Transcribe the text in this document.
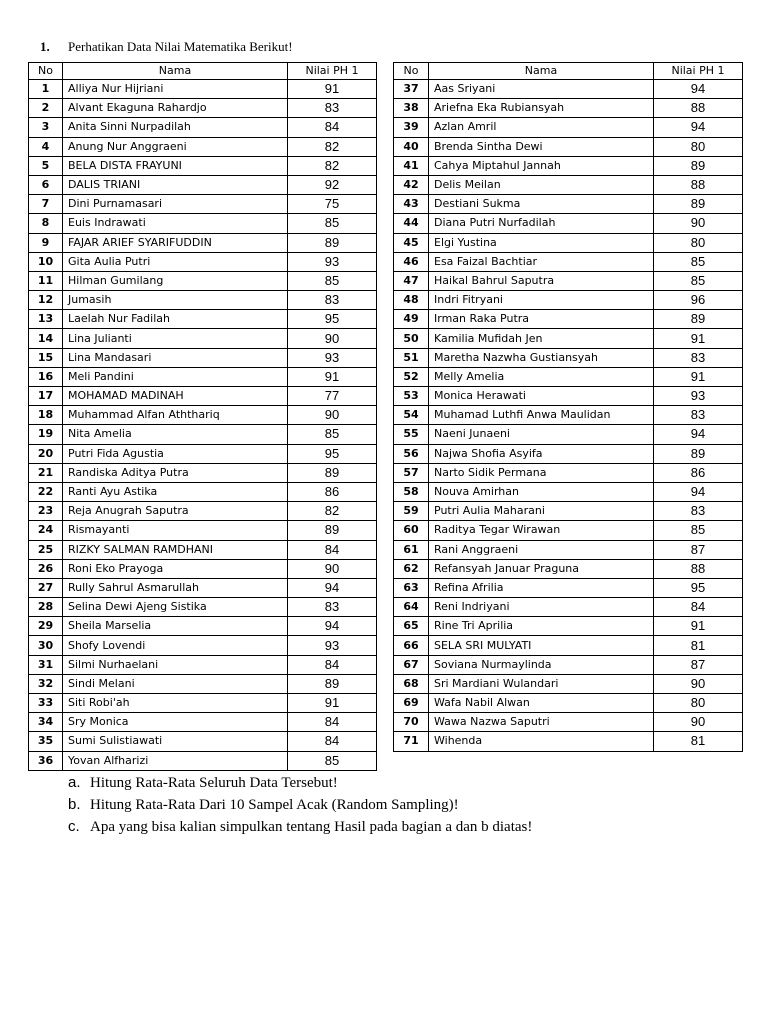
1. Perhatikan Data Nilai Matematika Berikut!
No	Nama	Nilai PH 1
1	Alliya Nur Hijriani	91
2	Alvant Ekaguna Rahardjo	83
3	Anita Sinni Nurpadilah	84
4	Anung Nur Anggraeni	82
5	BELA DISTA FRAYUNI	82
6	DALIS TRIANI	92
7	Dini Purnamasari	75
8	Euis Indrawati	85
9	FAJAR ARIEF SYARIFUDDIN	89
10	Gita Aulia Putri	93
11	Hilman Gumilang	85
12	Jumasih	83
13	Laelah Nur Fadilah	95
14	Lina Julianti	90
15	Lina Mandasari	93
16	Meli Pandini	91
17	MOHAMAD MADINAH	77
18	Muhammad Alfan Aththariq	90
19	Nita Amelia	85
20	Putri Fida Agustia	95
21	Randiska Aditya Putra	89
22	Ranti Ayu Astika	86
23	Reja Anugrah Saputra	82
24	Rismayanti	89
25	RIZKY SALMAN RAMDHANI	84
26	Roni Eko Prayoga	90
27	Rully Sahrul Asmarullah	94
28	Selina Dewi Ajeng Sistika	83
29	Sheila Marselia	94
30	Shofy Lovendi	93
31	Silmi Nurhaelani	84
32	Sindi Melani	89
33	Siti Robi'ah	91
34	Sry Monica	84
35	Sumi Sulistiawati	84
36	Yovan Alfharizi	85
No	Nama	Nilai PH 1
37	Aas Sriyani	94
38	Ariefna Eka Rubiansyah	88
39	Azlan Amril	94
40	Brenda Sintha Dewi	80
41	Cahya Miptahul Jannah	89
42	Delis Meilan	88
43	Destiani Sukma	89
44	Diana Putri Nurfadilah	90
45	Elgi Yustina	80
46	Esa Faizal Bachtiar	85
47	Haikal Bahrul Saputra	85
48	Indri Fitryani	96
49	Irman Raka Putra	89
50	Kamilia Mufidah Jen	91
51	Maretha Nazwha Gustiansyah	83
52	Melly Amelia	91
53	Monica Herawati	93
54	Muhamad Luthfi Anwa Maulidan	83
55	Naeni Junaeni	94
56	Najwa Shofia Asyifa	89
57	Narto Sidik Permana	86
58	Nouva Amirhan	94
59	Putri Aulia Maharani	83
60	Raditya Tegar Wirawan	85
61	Rani Anggraeni	87
62	Refansyah Januar Praguna	88
63	Refina Afrilia	95
64	Reni Indriyani	84
65	Rine Tri Aprilia	91
66	SELA SRI MULYATI	81
67	Soviana Nurmaylinda	87
68	Sri Mardiani Wulandari	90
69	Wafa Nabil Alwan	80
70	Wawa Nazwa Saputri	90
71	Wihenda	81
a. Hitung Rata-Rata Seluruh Data Tersebut!
b. Hitung Rata-Rata Dari 10 Sampel Acak (Random Sampling)!
c. Apa yang bisa kalian simpulkan tentang Hasil pada bagian a dan b diatas!
